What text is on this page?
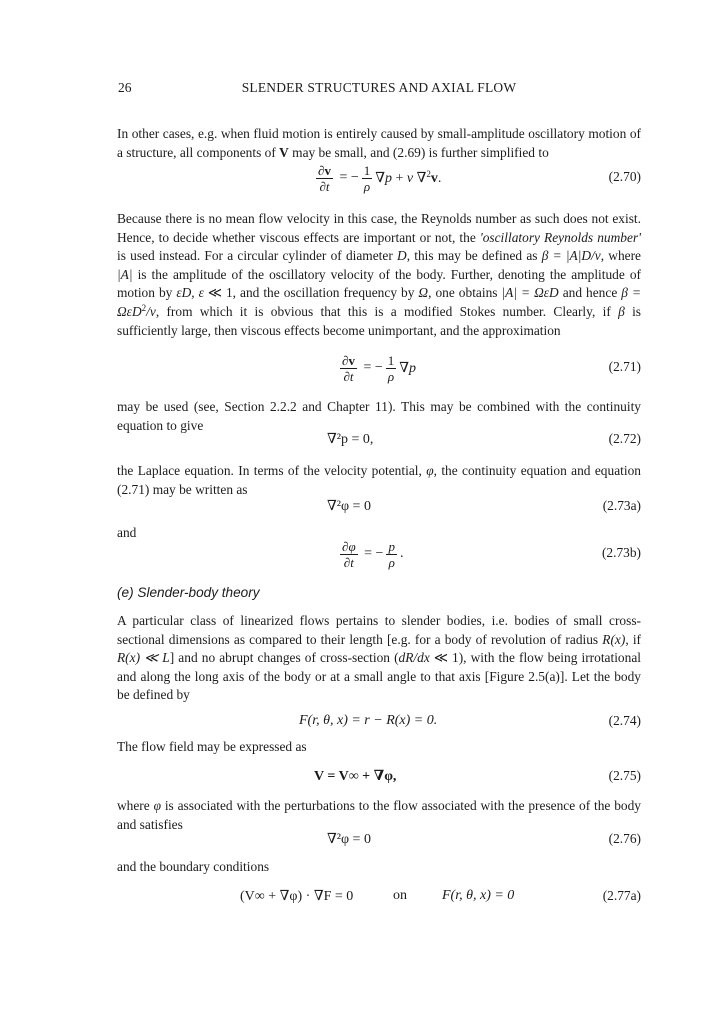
26	SLENDER STRUCTURES AND AXIAL FLOW

In other cases, e.g. when fluid motion is entirely caused by small-amplitude oscillatory motion of a structure, all components of V may be small, and (2.69) is further simplified to

$\frac{\partial v}{\partial t}$ = − $\frac{1}{\rho} \nabla p + \nu$ ∇$^2$v.	(2.70)

Because there is no mean flow velocity in this case, the Reynolds number as such does not exist. Hence, to decide whether viscous effects are important or not, the 'oscillatory Reynolds number' is used instead. For a circular cylinder of diameter D, this may be defined as β = |A|D/ν, where |A| is the amplitude of the oscillatory velocity of the body. Further, denoting the amplitude of motion by εD, ε ≪ 1, and the oscillation frequency by Ω, one obtains |A| = ΩεD and hence β = ΩεD$^2$/ν, from which it is obvious that this is a modified Stokes number. Clearly, if β is sufficiently large, then viscous effects become unimportant, and the approximation

$\frac{\partial v}{\partial t}$ = − $\frac{1}{\rho} \nabla p$	(2.71)

may be used (see, Section 2.2.2 and Chapter 11). This may be combined with the continuity equation to give

∇²p = 0,	(2.72)

the Laplace equation. In terms of the velocity potential, φ, the continuity equation and equation (2.71) may be written as

∇²φ = 0	(2.73a)

and

$\frac{\partial\varphi}{\partial t}$ = − $\frac{p}{\rho}$ .	(2.73b)
(e) Slender-body theory

A particular class of linearized flows pertains to slender bodies, i.e. bodies of small cross-sectional dimensions as compared to their length [e.g. for a body of revolution of radius R(x), if R(x) ≪ L] and no abrupt changes of cross-section (dR/dx ≪ 1), with the flow being irrotational and along the long axis of the body or at a small angle to that axis [Figure 2.5(a)]. Let the body be defined by

F(r, θ, x) = r − R(x) = 0.	(2.74)

The flow field may be expressed as

V = V∞ + ∇φ,	(2.75)

where φ is associated with the perturbations to the flow associated with the presence of the body and satisfies

∇²φ = 0	(2.76)

and the boundary conditions

(V∞ + ∇φ) · ∇F = 0	on	F(r, θ, x) = 0	(2.77a)
